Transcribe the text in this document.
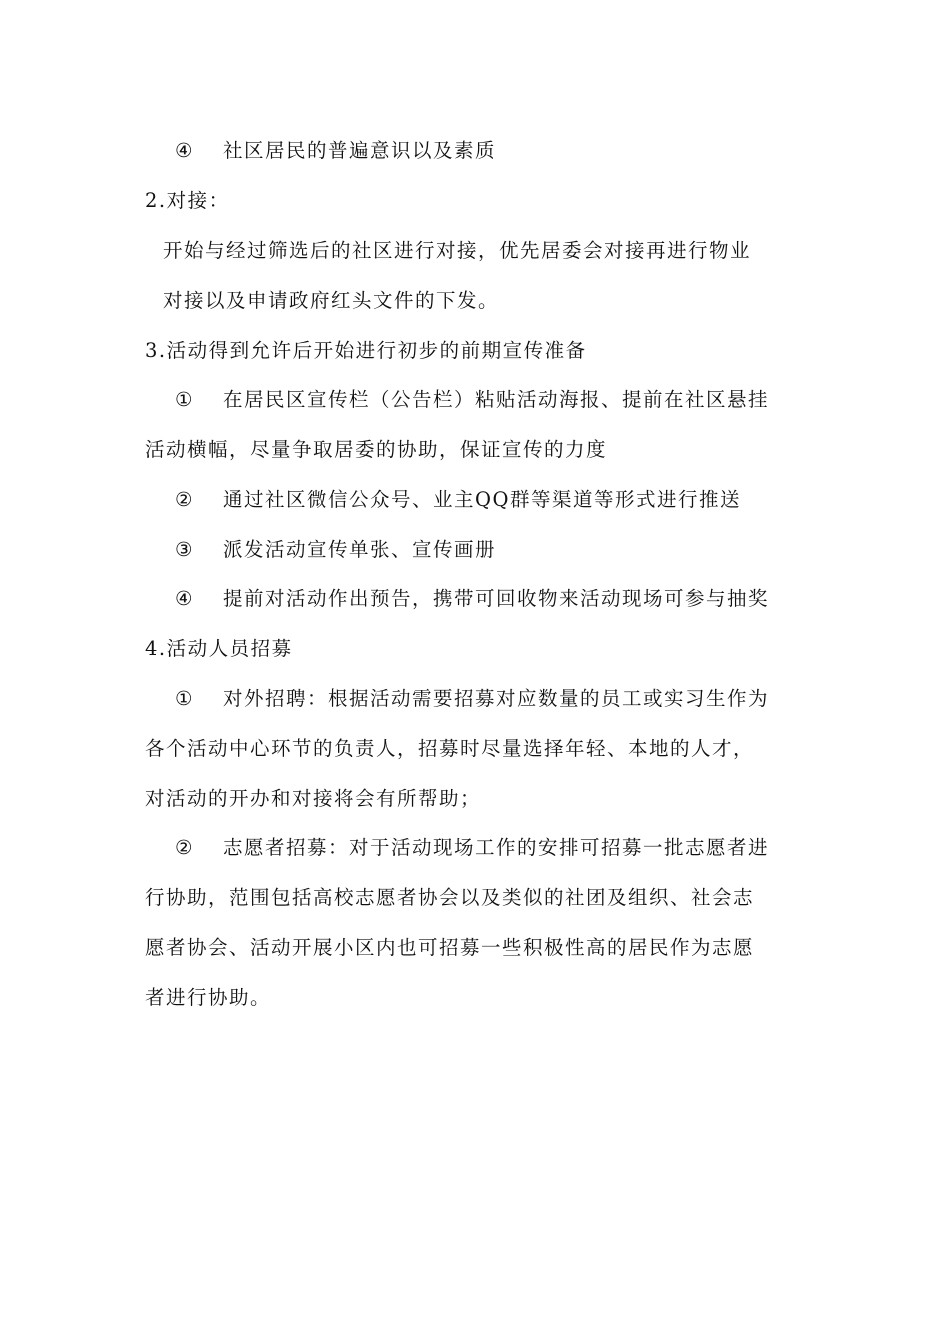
④ 社区居民的普遍意识以及素质
2.对接：
开始与经过筛选后的社区进行对接，优先居委会对接再进行物业
对接以及申请政府红头文件的下发。
3.活动得到允许后开始进行初步的前期宣传准备
① 在居民区宣传栏（公告栏）粘贴活动海报、提前在社区悬挂
活动横幅，尽量争取居委的协助，保证宣传的力度
② 通过社区微信公众号、业主QQ群等渠道等形式进行推送
③ 派发活动宣传单张、宣传画册
④ 提前对活动作出预告，携带可回收物来活动现场可参与抽奖
4.活动人员招募
① 对外招聘：根据活动需要招募对应数量的员工或实习生作为
各个活动中心环节的负责人，招募时尽量选择年轻、本地的人才，
对活动的开办和对接将会有所帮助；
② 志愿者招募：对于活动现场工作的安排可招募一批志愿者进
行协助，范围包括高校志愿者协会以及类似的社团及组织、社会志
愿者协会、活动开展小区内也可招募一些积极性高的居民作为志愿
者进行协助。
